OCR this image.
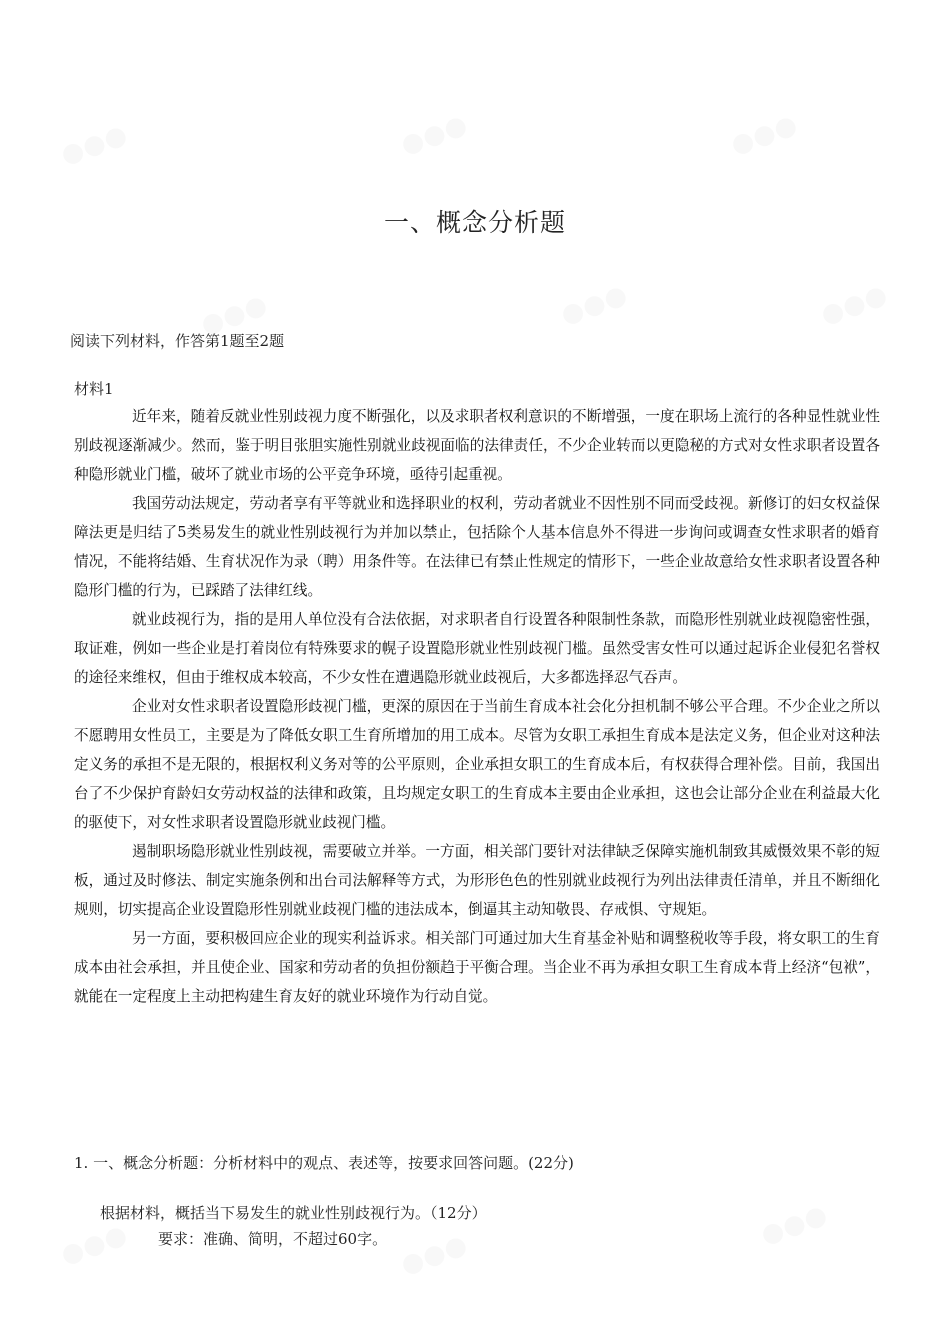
●●●	●●●	●●●
●●●	●●●	●●●
●●●	●●●
●●●
一、概念分析题
阅读下列材料，作答第1题至2题
材料1

近年来，随着反就业性别歧视力度不断强化，以及求职者权利意识的不断增强，一度在职场上流行的各种显性就业性别歧视逐渐减少。然而，鉴于明目张胆实施性别就业歧视面临的法律责任，不少企业转而以更隐秘的方式对女性求职者设置各种隐形就业门槛，破坏了就业市场的公平竞争环境，亟待引起重视。

我国劳动法规定，劳动者享有平等就业和选择职业的权利，劳动者就业不因性别不同而受歧视。新修订的妇女权益保障法更是归结了5类易发生的就业性别歧视行为并加以禁止，包括除个人基本信息外不得进一步询问或调查女性求职者的婚育情况，不能将结婚、生育状况作为录（聘）用条件等。在法律已有禁止性规定的情形下，一些企业故意给女性求职者设置各种隐形门槛的行为，已踩踏了法律红线。

就业歧视行为，指的是用人单位没有合法依据，对求职者自行设置各种限制性条款，而隐形性别就业歧视隐密性强，取证难，例如一些企业是打着岗位有特殊要求的幌子设置隐形就业性别歧视门槛。虽然受害女性可以通过起诉企业侵犯名誉权的途径来维权，但由于维权成本较高，不少女性在遭遇隐形就业歧视后，大多都选择忍气吞声。

企业对女性求职者设置隐形歧视门槛，更深的原因在于当前生育成本社会化分担机制不够公平合理。不少企业之所以不愿聘用女性员工，主要是为了降低女职工生育所增加的用工成本。尽管为女职工承担生育成本是法定义务，但企业对这种法定义务的承担不是无限的，根据权利义务对等的公平原则，企业承担女职工的生育成本后，有权获得合理补偿。目前，我国出台了不少保护育龄妇女劳动权益的法律和政策，且均规定女职工的生育成本主要由企业承担，这也会让部分企业在利益最大化的驱使下，对女性求职者设置隐形就业歧视门槛。

遏制职场隐形就业性别歧视，需要破立并举。一方面，相关部门要针对法律缺乏保障实施机制致其威慑效果不彰的短板，通过及时修法、制定实施条例和出台司法解释等方式，为形形色色的性别就业歧视行为列出法律责任清单，并且不断细化规则，切实提高企业设置隐形性别就业歧视门槛的违法成本，倒逼其主动知敬畏、存戒惧、守规矩。

另一方面，要积极回应企业的现实利益诉求。相关部门可通过加大生育基金补贴和调整税收等手段，将女职工的生育成本由社会承担，并且使企业、国家和劳动者的负担份额趋于平衡合理。当企业不再为承担女职工生育成本背上经济“包袱”，就能在一定程度上主动把构建生育友好的就业环境作为行动自觉。

1. 一、概念分析题：分析材料中的观点、表述等，按要求回答问题。(22分)
根据材料，概括当下易发生的就业性别歧视行为。（12分）
要求：准确、简明，不超过60字。
